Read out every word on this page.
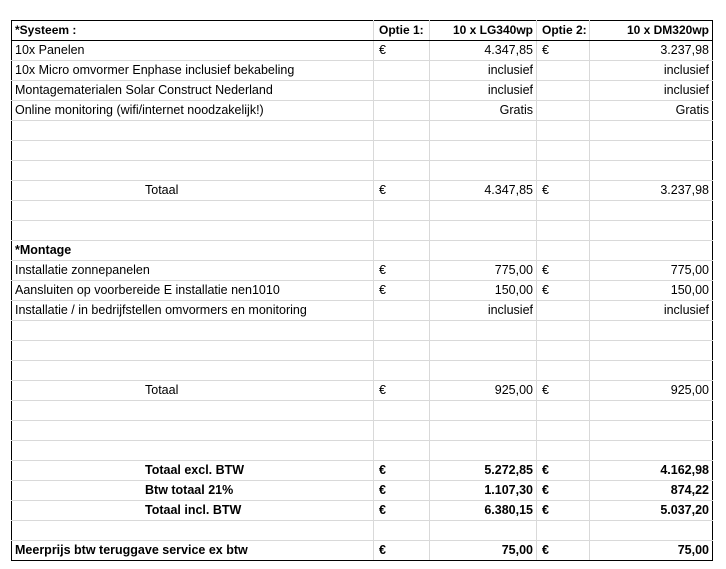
*Systeem :	Optie 1:	10 x LG340wp	Optie 2:	10 x DM320wp
10x Panelen	€	4.347,85	€	3.237,98
10x Micro omvormer Enphase inclusief bekabeling		inclusief		inclusief
Montagematerialen Solar Construct Nederland		inclusief		inclusief
Online monitoring (wifi/internet noodzakelijk!)		Gratis		Gratis

Totaal	€	4.347,85	€	3.237,98

*Montage				
Installatie zonnepanelen	€	775,00	€	775,00
Aansluiten op voorbereide E installatie nen1010	€	150,00	€	150,00
Installatie / in bedrijfstellen omvormers en monitoring		inclusief		inclusief

Totaal	€	925,00	€	925,00

Totaal excl. BTW	€	5.272,85	€	4.162,98
Btw totaal 21%	€	1.107,30	€	874,22
Totaal incl. BTW	€	6.380,15	€	5.037,20

Meerprijs btw teruggave service ex btw	€	75,00	€	75,00
